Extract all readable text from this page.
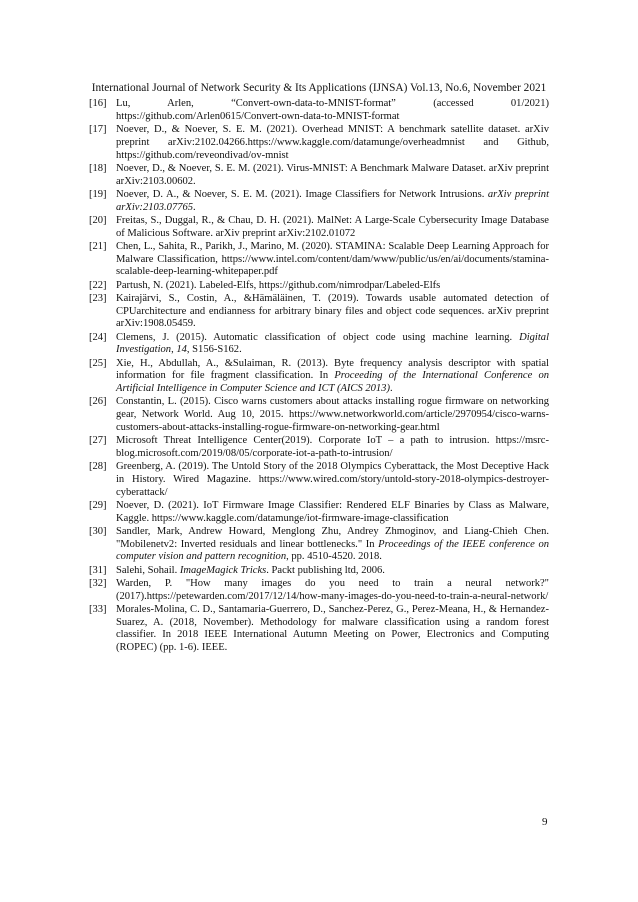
International Journal of Network Security & Its Applications (IJNSA) Vol.13, No.6, November 2021
[16] Lu, Arlen, “Convert-own-data-to-MNIST-format” (accessed 01/2021) https://github.com/Arlen0615/Convert-own-data-to-MNIST-format
[17] Noever, D., & Noever, S. E. M. (2021). Overhead MNIST: A benchmark satellite dataset. arXiv preprint arXiv:2102.04266.https://www.kaggle.com/datamunge/overheadmnist and Github, https://github.com/reveondivad/ov-mnist
[18] Noever, D., & Noever, S. E. M. (2021). Virus-MNIST: A Benchmark Malware Dataset. arXiv preprint arXiv:2103.00602.
[19] Noever, D. A., & Noever, S. E. M. (2021). Image Classifiers for Network Intrusions. arXiv preprint arXiv:2103.07765.
[20] Freitas, S., Duggal, R., & Chau, D. H. (2021). MalNet: A Large-Scale Cybersecurity Image Database of Malicious Software. arXiv preprint arXiv:2102.01072
[21] Chen, L., Sahita, R., Parikh, J., Marino, M. (2020). STAMINA: Scalable Deep Learning Approach for Malware Classification, https://www.intel.com/content/dam/www/public/us/en/ai/documents/stamina-scalable-deep-learning-whitepaper.pdf
[22] Partush, N. (2021). Labeled-Elfs, https://github.com/nimrodpar/Labeled-Elfs
[23] Kairajärvi, S., Costin, A., &Hämäläinen, T. (2019). Towards usable automated detection of CPUarchitecture and endianness for arbitrary binary files and object code sequences. arXiv preprint arXiv:1908.05459.
[24] Clemens, J. (2015). Automatic classification of object code using machine learning. Digital Investigation, 14, S156-S162.
[25] Xie, H., Abdullah, A., &Sulaiman, R. (2013). Byte frequency analysis descriptor with spatial information for file fragment classification. In Proceeding of the International Conference on Artificial Intelligence in Computer Science and ICT (AICS 2013).
[26] Constantin, L. (2015). Cisco warns customers about attacks installing rogue firmware on networking gear, Network World. Aug 10, 2015. https://www.networkworld.com/article/2970954/cisco-warns-customers-about-attacks-installing-rogue-firmware-on-networking-gear.html
[27] Microsoft Threat Intelligence Center(2019). Corporate IoT – a path to intrusion. https://msrc-blog.microsoft.com/2019/08/05/corporate-iot-a-path-to-intrusion/
[28] Greenberg, A. (2019). The Untold Story of the 2018 Olympics Cyberattack, the Most Deceptive Hack in History. Wired Magazine. https://www.wired.com/story/untold-story-2018-olympics-destroyer-cyberattack/
[29] Noever, D. (2021). IoT Firmware Image Classifier: Rendered ELF Binaries by Class as Malware, Kaggle. https://www.kaggle.com/datamunge/iot-firmware-image-classification
[30] Sandler, Mark, Andrew Howard, Menglong Zhu, Andrey Zhmoginov, and Liang-Chieh Chen. "Mobilenetv2: Inverted residuals and linear bottlenecks." In Proceedings of the IEEE conference on computer vision and pattern recognition, pp. 4510-4520. 2018.
[31] Salehi, Sohail. ImageMagick Tricks. Packt publishing ltd, 2006.
[32] Warden, P. "How many images do you need to train a neural network?" (2017).https://petewarden.com/2017/12/14/how-many-images-do-you-need-to-train-a-neural-network/
[33] Morales-Molina, C. D., Santamaria-Guerrero, D., Sanchez-Perez, G., Perez-Meana, H., & Hernandez-Suarez, A. (2018, November). Methodology for malware classification using a random forest classifier. In 2018 IEEE International Autumn Meeting on Power, Electronics and Computing (ROPEC) (pp. 1-6). IEEE.
9
